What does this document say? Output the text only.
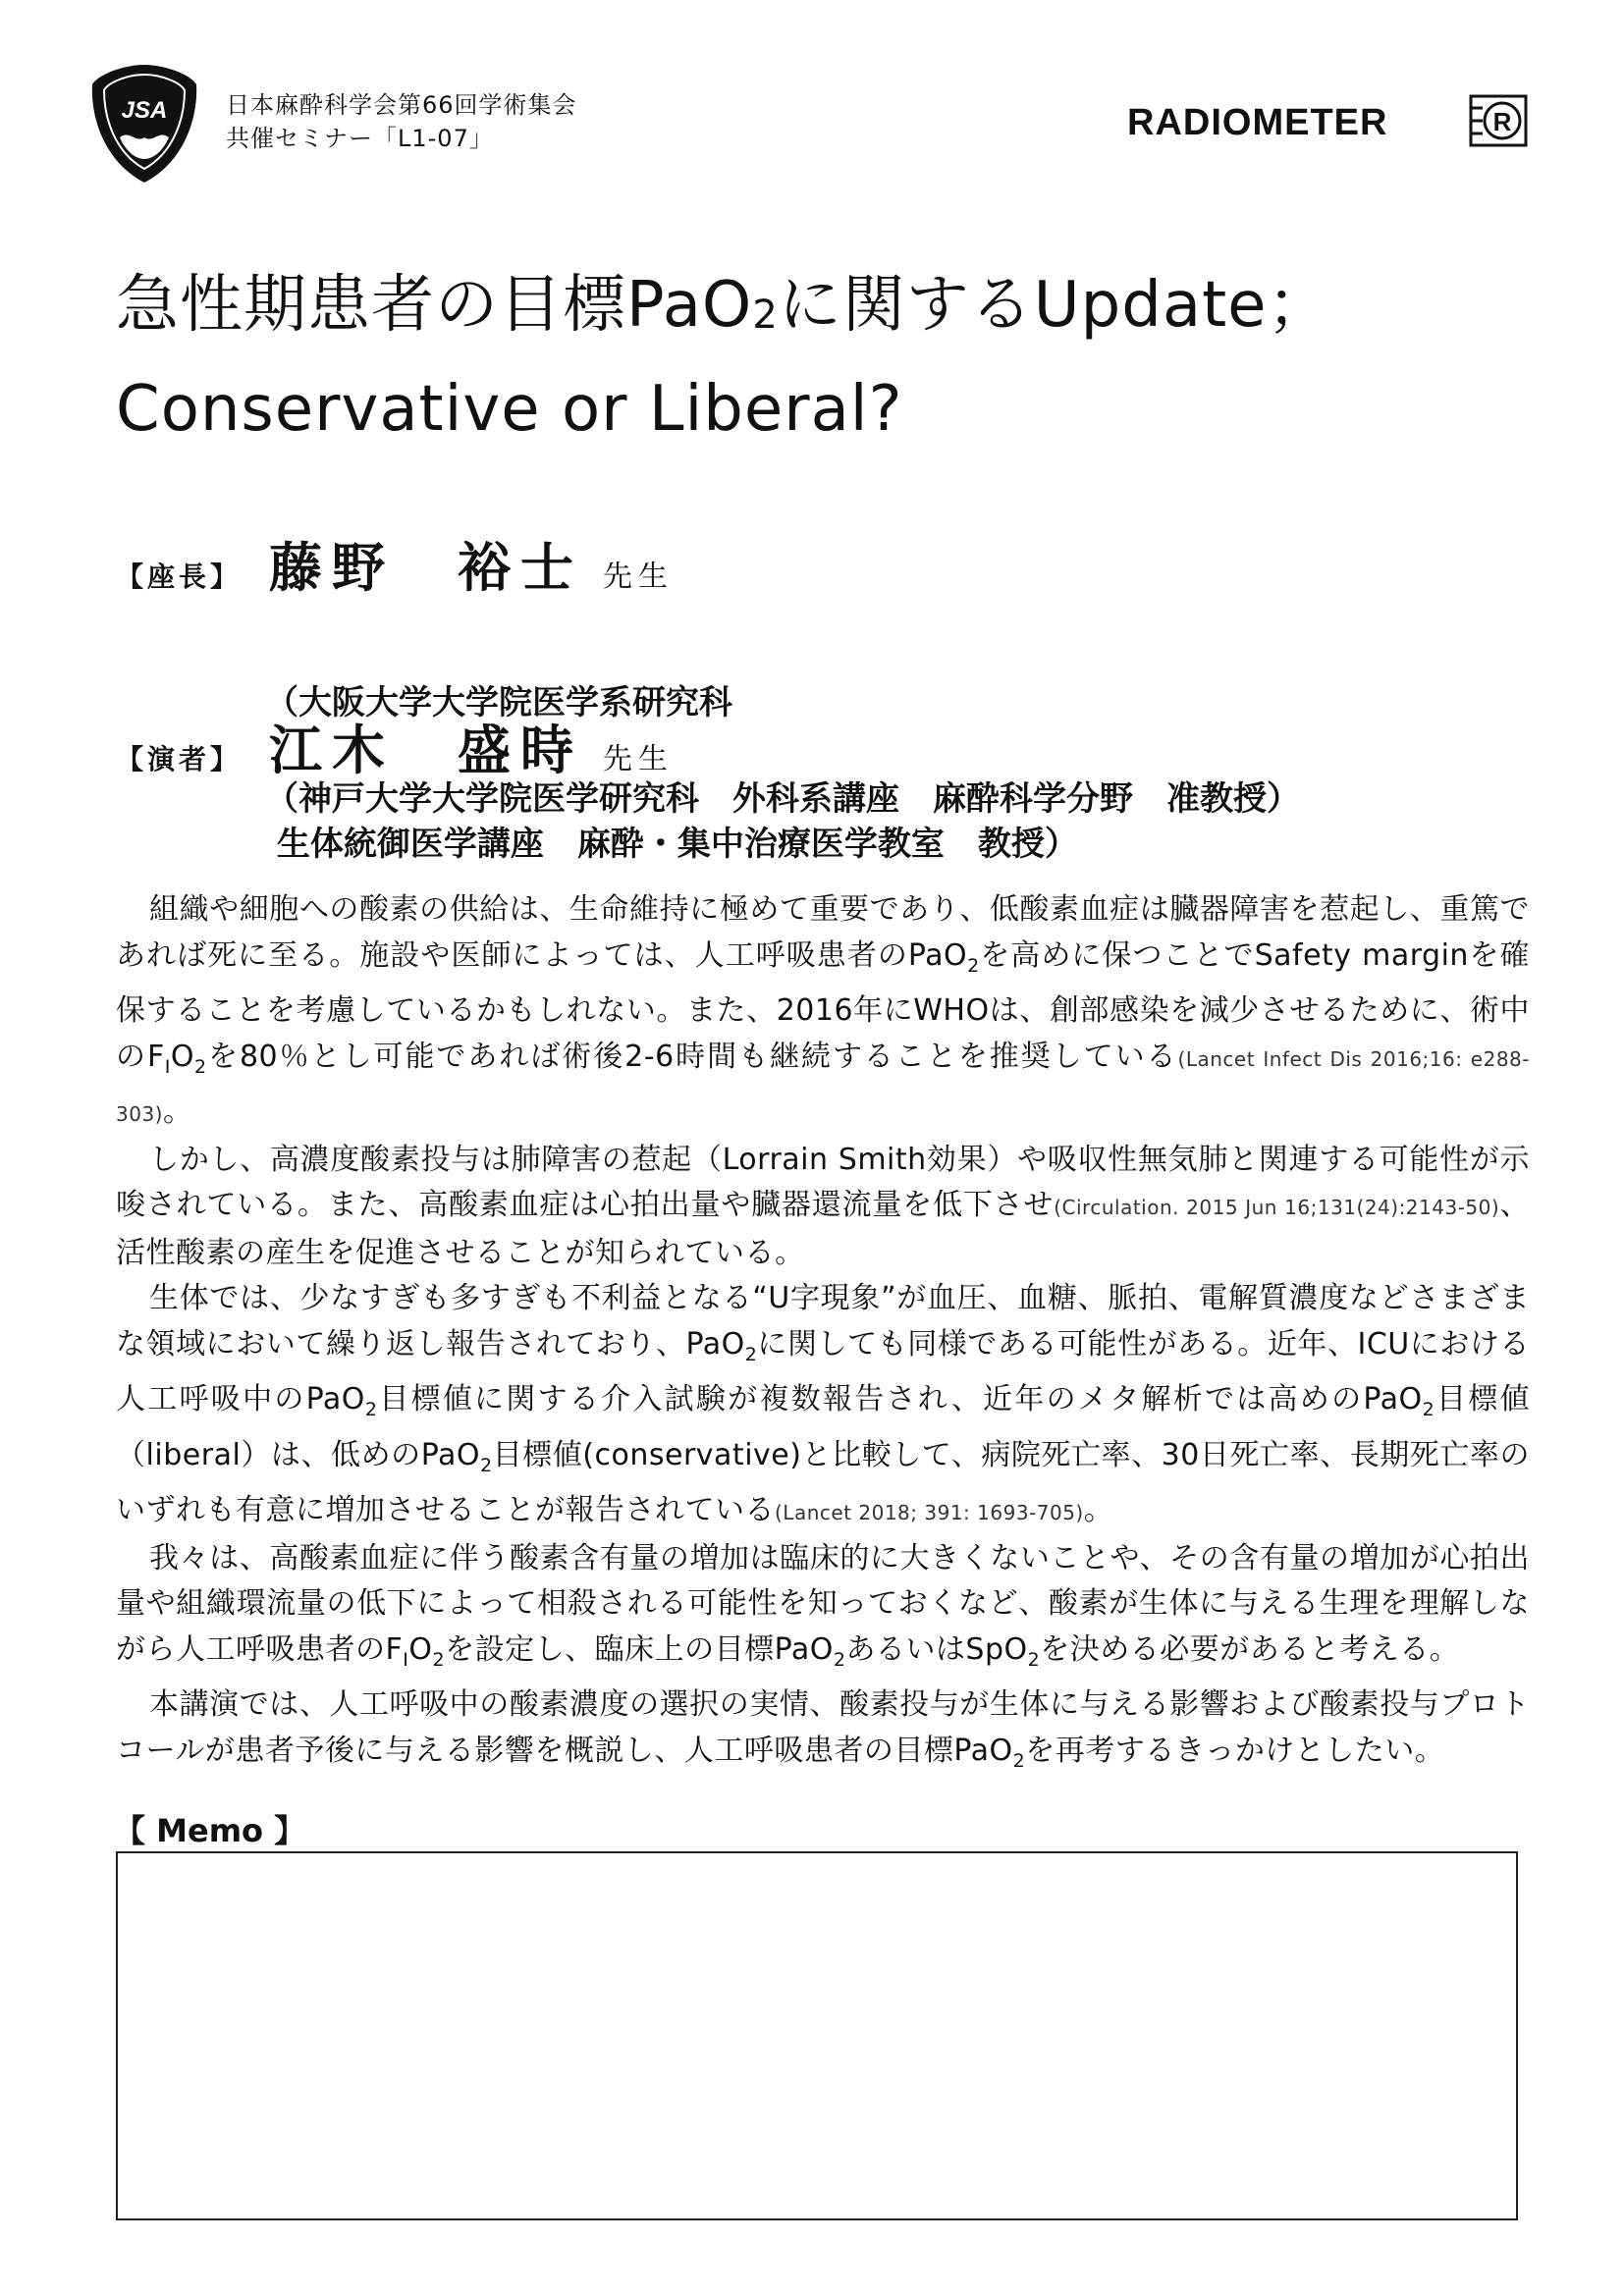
JSA 日本麻酔科学会第66回学術集会
共催セミナー「L1-07」	RADIOMETER	R
急性期患者の目標PaO$_2$に関するUpdate；
Conservative or Liberal?
【座長】 藤野　裕士 先生

（大阪大学大学院医学系研究科

生体統御医学講座　麻酔・集中治療医学教室　教授）

【演者】 江木　盛時 先生
（神戸大学大学院医学研究科　外科系講座　麻酔科学分野　准教授）

組織や細胞への酸素の供給は、生命維持に極めて重要であり、低酸素血症は臓器障害を惹起し、重篤であれば死に至る。施設や医師によっては、人工呼吸患者のPaO$_2$を高めに保つことでSafety marginを確保することを考慮しているかもしれない。また、2016年にWHOは、創部感染を減少させるために、術中の$F_IO_2$を80％とし可能であれば術後2-6時間も継続することを推奨している(Lancet Infect Dis 2016;16: e288-303)。

しかし、高濃度酸素投与は肺障害の惹起（Lorrain Smith効果）や吸収性無気肺と関連する可能性が示唆されている。また、高酸素血症は心拍出量や臓器還流量を低下させ(Circulation. 2015 Jun 16;131(24):2143-50)、活性酸素の産生を促進させることが知られている。

生体では、少なすぎも多すぎも不利益となる“U字現象”が血圧、血糖、脈拍、電解質濃度などさまざまな領域において繰り返し報告されており、PaO$_2$に関しても同様である可能性がある。近年、ICUにおける人工呼吸中のPaO$_2$目標値に関する介入試験が複数報告され、近年のメタ解析では高めのPaO$_2$目標値（liberal）は、低めのPaO$_2$目標値(conservative)と比較して、病院死亡率、30日死亡率、長期死亡率のいずれも有意に増加させることが報告されている(Lancet 2018; 391: 1693-705)。

我々は、高酸素血症に伴う酸素含有量の増加は臨床的に大きくないことや、その含有量の増加が心拍出量や組織環流量の低下によって相殺される可能性を知っておくなど、酸素が生体に与える生理を理解しながら人工呼吸患者の$F_IO_2$を設定し、臨床上の目標PaO$_2$あるいはSpO$_2$を決める必要があると考える。

本講演では、人工呼吸中の酸素濃度の選択の実情、酸素投与が生体に与える影響および酸素投与プロトコールが患者予後に与える影響を概説し、人工呼吸患者の目標PaO$_2$を再考するきっかけとしたい。

【 Memo 】
